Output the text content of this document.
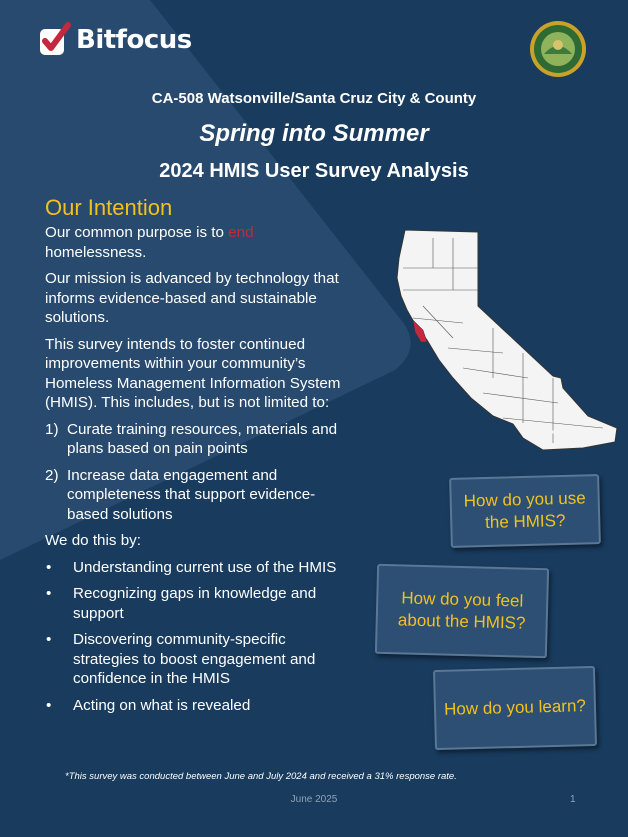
Bitfocus
CA-508 Watsonville/Santa Cruz City & County
Spring into Summer
2024 HMIS User Survey Analysis
Our Intention

Our common purpose is to end homelessness.

Our mission is advanced by technology that informs evidence-based and sustainable solutions.

This survey intends to foster continued improvements within your community’s Homeless Management Information System (HMIS). This includes, but is not limited to:

1) Curate training resources, materials and plans based on pain points
2) Increase data engagement and completeness that support evidence-based solutions

We do this by:

•	Understanding current use of the HMIS
•	Recognizing gaps in knowledge and support
•	Discovering community-specific strategies to boost engagement and confidence in the HMIS
•	Acting on what is revealed
How do you use the HMIS?
How do you feel about the HMIS?
How do you learn?
*This survey was conducted between June and July 2024 and received a 31% response rate.
June 2025	1
